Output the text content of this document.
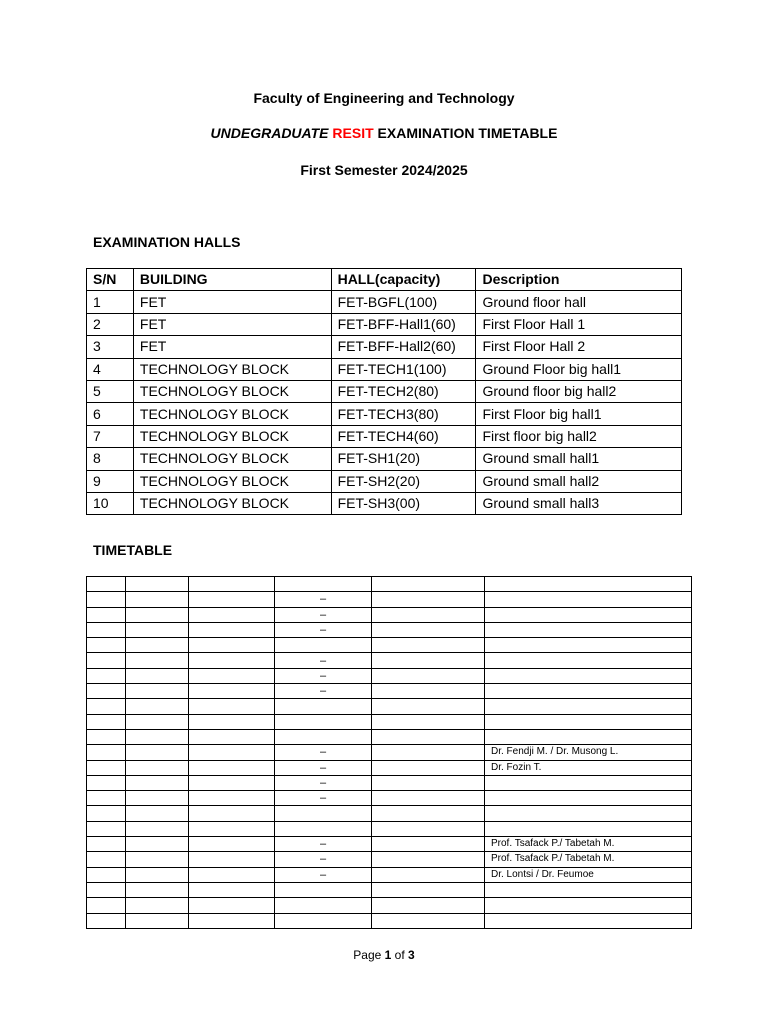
Faculty of Engineering and Technology
UNDEGRADUATE RESIT EXAMINATION TIMETABLE
First Semester 2024/2025
EXAMINATION HALLS
S/N	BUILDING	HALL(capacity)	Description
1	FET	FET-BGFL(100)	Ground floor hall
2	FET	FET-BFF-Hall1(60)	First Floor Hall 1
3	FET	FET-BFF-Hall2(60)	First Floor Hall 2
4	TECHNOLOGY BLOCK	FET-TECH1(100)	Ground Floor big hall1
5	TECHNOLOGY BLOCK	FET-TECH2(80)	Ground floor big hall2
6	TECHNOLOGY BLOCK	FET-TECH3(80)	First Floor big hall1
7	TECHNOLOGY BLOCK	FET-TECH4(60)	First floor big hall2
8	TECHNOLOGY BLOCK	FET-SH1(20)	Ground small hall1
9	TECHNOLOGY BLOCK	FET-SH2(20)	Ground small hall2
10	TECHNOLOGY BLOCK	FET-SH3(00)	Ground small hall3
TIMETABLE

			–		
			–		
			–		

			–		
			–		
			–		

			–		Dr. Fendji M. / Dr. Musong L.
			–		Dr. Fozin T.
			–		
			–		

			–		Prof. Tsafack P./ Tabetah M.
			–		Prof. Tsafack P./ Tabetah M.
			–		Dr. Lontsi / Dr. Feumoe

Page 1 of 3
